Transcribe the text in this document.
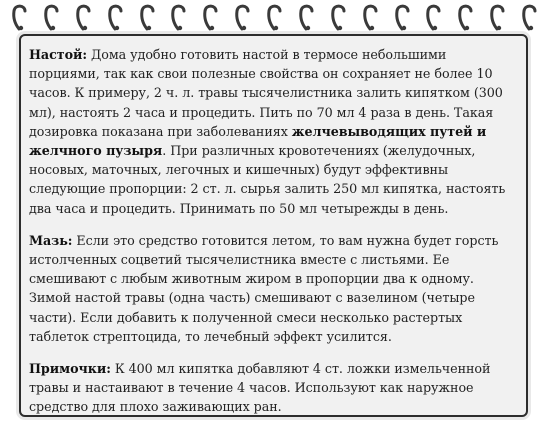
Настой: Дома удобно готовить настой в термосе небольшими порциями, так как свои полезные свойства он сохраняет не более 10 часов. К примеру, 2 ч. л. травы тысячелистника залить кипятком (300 мл), настоять 2 часа и процедить. Пить по 70 мл 4 раза в день. Такая дозировка показана при заболеваниях желчевыводящих путей и желчного пузыря. При различных кровотечениях (желудочных, носовых, маточных, легочных и кишечных) будут эффективны следующие пропорции: 2 ст. л. сырья залить 250 мл кипятка, настоять два часа и процедить. Принимать по 50 мл четырежды в день.

Мазь: Если это средство готовится летом, то вам нужна будет горсть истолченных соцветий тысячелистника вместе с листьями. Ее смешивают с любым животным жиром в пропорции два к одному. Зимой настой травы (одна часть) смешивают с вазелином (четыре части). Если добавить к полученной смеси несколько растертых таблеток стрептоцида, то лечебный эффект усилится.

Примочки: К 400 мл кипятка добавляют 4 ст. ложки измельченной травы и настаивают в течение 4 часов. Используют как наружное средство для плохо заживающих ран.
